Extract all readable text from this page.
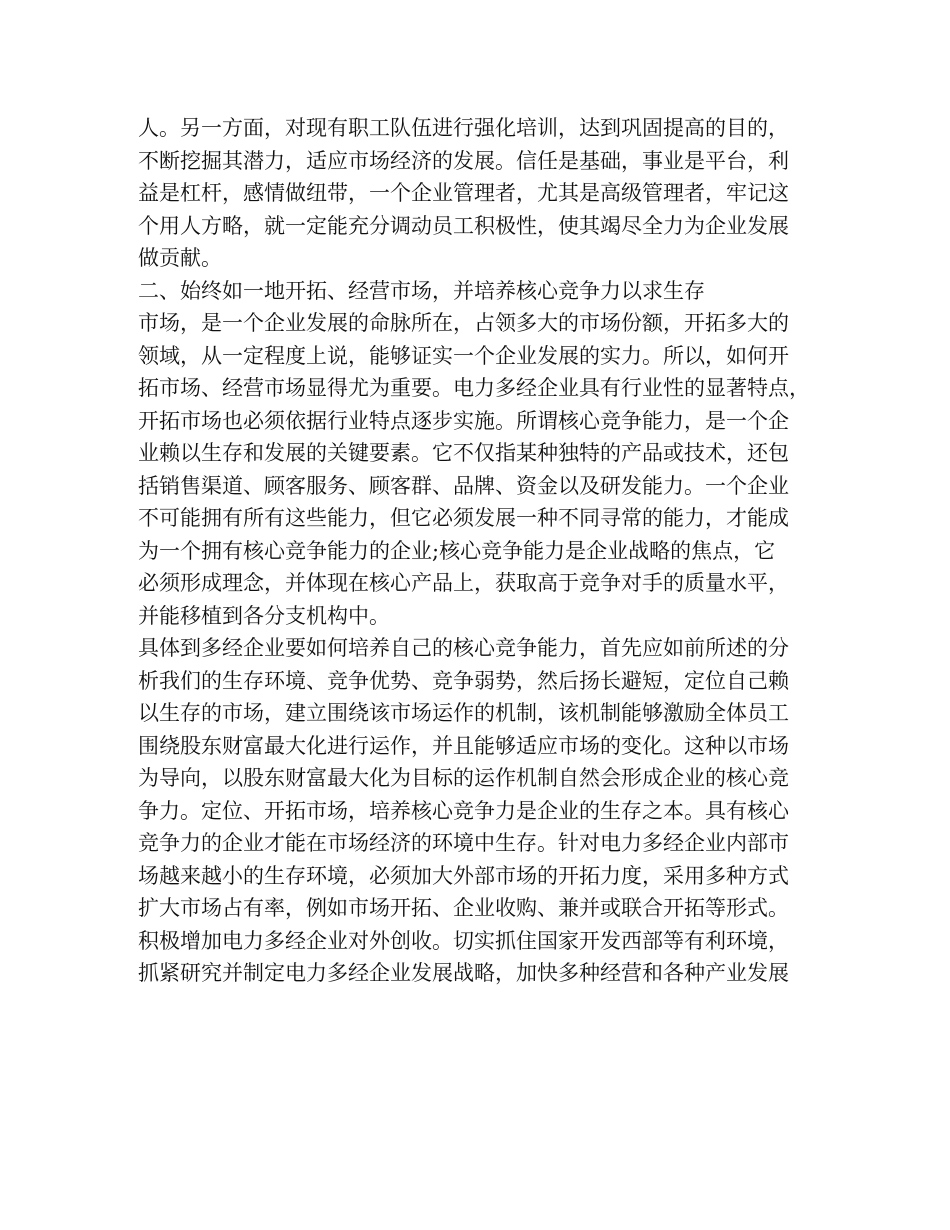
人。另一方面，对现有职工队伍进行强化培训，达到巩固提高的目的，
不断挖掘其潜力，适应市场经济的发展。信任是基础，事业是平台，利
益是杠杆，感情做纽带，一个企业管理者，尤其是高级管理者，牢记这
个用人方略，就一定能充分调动员工积极性，使其竭尽全力为企业发展
做贡献。
二、始终如一地开拓、经营市场，并培养核心竞争力以求生存
市场，是一个企业发展的命脉所在，占领多大的市场份额，开拓多大的
领域，从一定程度上说，能够证实一个企业发展的实力。所以，如何开
拓市场、经营市场显得尤为重要。电力多经企业具有行业性的显著特点，
开拓市场也必须依据行业特点逐步实施。所谓核心竞争能力，是一个企
业赖以生存和发展的关键要素。它不仅指某种独特的产品或技术，还包
括销售渠道、顾客服务、顾客群、品牌、资金以及研发能力。一个企业
不可能拥有所有这些能力，但它必须发展一种不同寻常的能力，才能成
为一个拥有核心竞争能力的企业;核心竞争能力是企业战略的焦点，它
必须形成理念，并体现在核心产品上，获取高于竞争对手的质量水平，
并能移植到各分支机构中。
具体到多经企业要如何培养自己的核心竞争能力，首先应如前所述的分
析我们的生存环境、竞争优势、竞争弱势，然后扬长避短，定位自己赖
以生存的市场，建立围绕该市场运作的机制，该机制能够激励全体员工
围绕股东财富最大化进行运作，并且能够适应市场的变化。这种以市场
为导向，以股东财富最大化为目标的运作机制自然会形成企业的核心竞
争力。定位、开拓市场，培养核心竞争力是企业的生存之本。具有核心
竞争力的企业才能在市场经济的环境中生存。针对电力多经企业内部市
场越来越小的生存环境，必须加大外部市场的开拓力度，采用多种方式
扩大市场占有率，例如市场开拓、企业收购、兼并或联合开拓等形式。
积极增加电力多经企业对外创收。切实抓住国家开发西部等有利环境，
抓紧研究并制定电力多经企业发展战略，加快多种经营和各种产业发展
